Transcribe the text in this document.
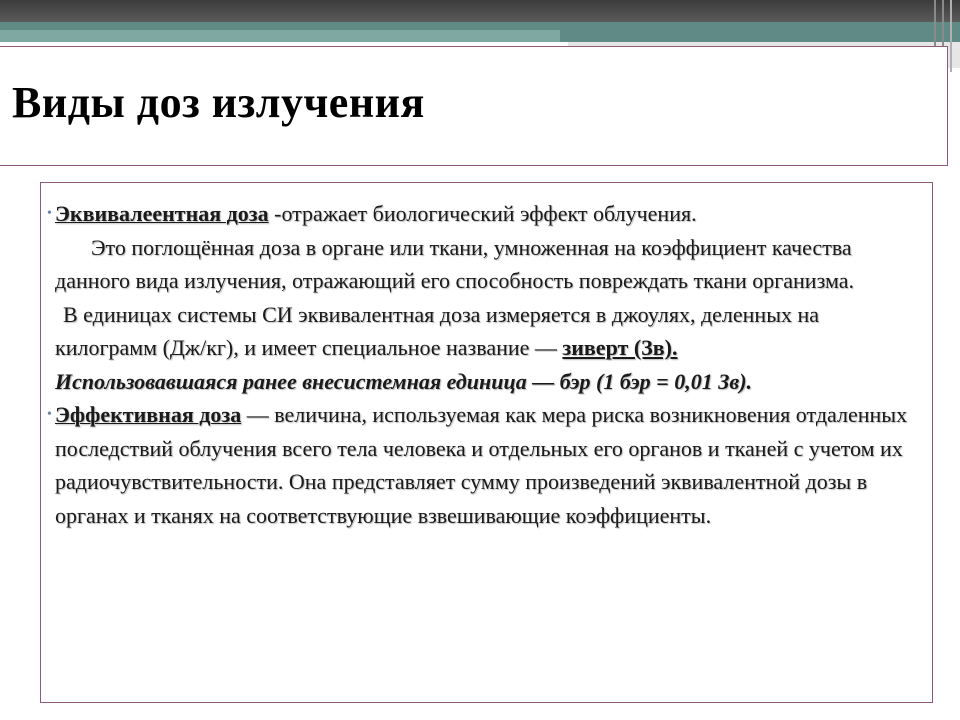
Виды доз излучения

• Эквивалеентная доза -отражает биологический эффект облучения.

Это поглощённая доза в органе или ткани, умноженная на коэффициент качества данного вида излучения, отражающий его способность повреждать ткани организма.

В единицах системы СИ эквивалентная доза измеряется в джоулях, деленных на килограмм (Дж/кг), и имеет специальное название — зиверт (Зв).

Использовавшаяся ранее внесистемная единица — бэр (1 бэр = 0,01 Зв).

• Эффективная доза — величина, используемая как мера риска возникновения отдаленных последствий облучения всего тела человека и отдельных его органов и тканей с учетом их радиочувствительности. Она представляет сумму произведений эквивалентной дозы в органах и тканях на соответствующие взвешивающие коэффициенты.
